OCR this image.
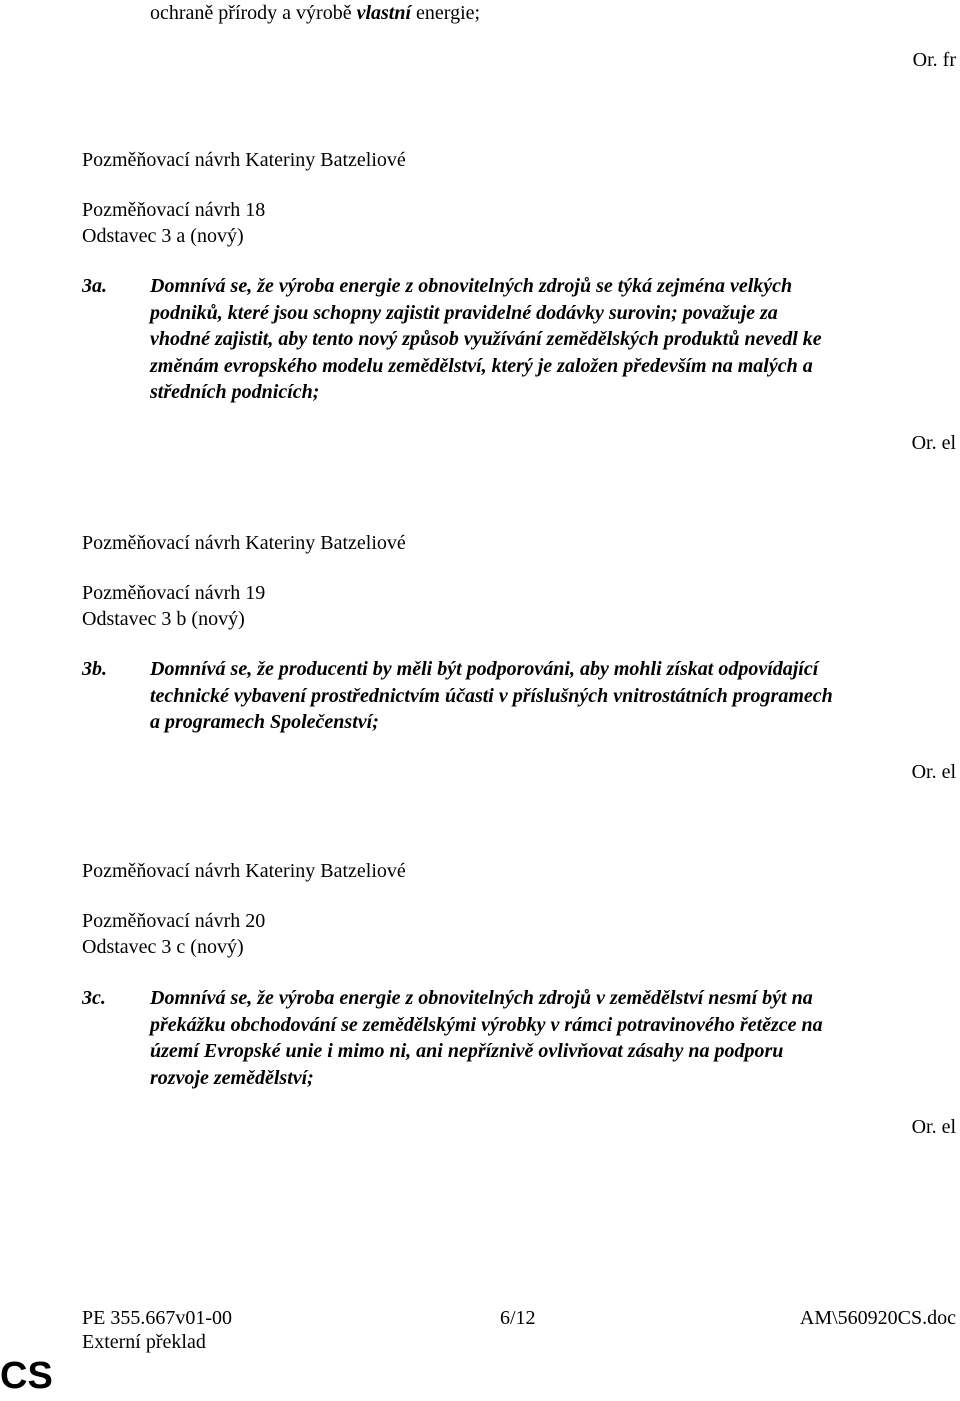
ochraně přírody a výrobě vlastní energie;
Or. fr
Pozměňovací návrh Kateriny Batzeliové
Pozměňovací návrh 18
Odstavec 3 a (nový)
3a. Domnívá se, že výroba energie z obnovitelných zdrojů se týká zejména velkých
podniků, které jsou schopny zajistit pravidelné dodávky surovin; považuje za
vhodné zajistit, aby tento nový způsob využívání zemědělských produktů nevedl ke
změnám evropského modelu zemědělství, který je založen především na malých a
středních podnicích;
Or. el
Pozměňovací návrh Kateriny Batzeliové
Pozměňovací návrh 19
Odstavec 3 b (nový)
3b. Domnívá se, že producenti by měli být podporováni, aby mohli získat odpovídající
technické vybavení prostřednictvím účasti v příslušných vnitrostátních programech
a programech Společenství;
Or. el
Pozměňovací návrh Kateriny Batzeliové
Pozměňovací návrh 20
Odstavec 3 c (nový)
3c. Domnívá se, že výroba energie z obnovitelných zdrojů v zemědělství nesmí být na
překážku obchodování se zemědělskými výrobky v rámci potravinového řetězce na
území Evropské unie i mimo ni, ani nepříznivě ovlivňovat zásahy na podporu
rozvoje zemědělství;
Or. el
PE 355.667v01-00
Externí překlad
6/12	AM\560920CS.doc
CS
